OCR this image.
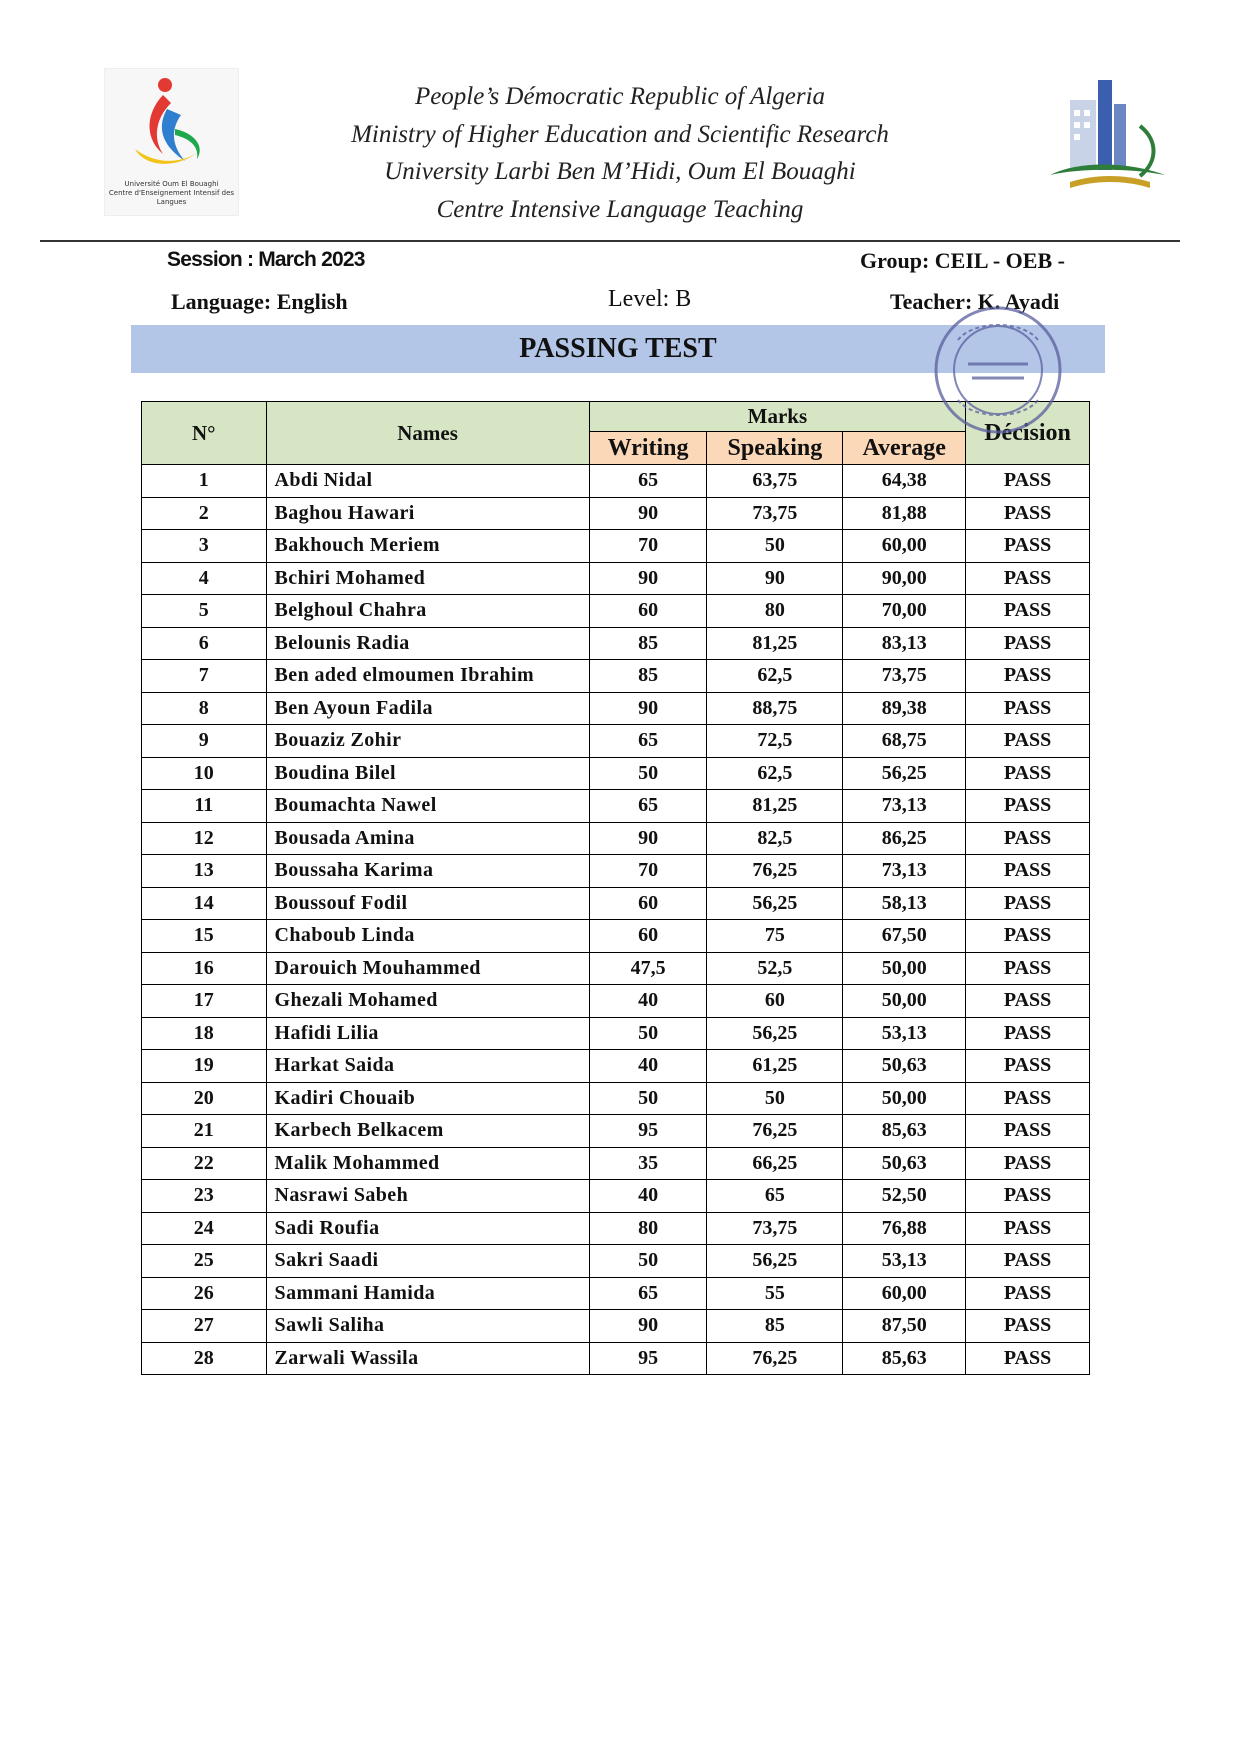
Université Oum El Bouaghi
Centre d'Enseignement Intensif des Langues
People’s Démocratic Republic of Algeria
Ministry of Higher Education and Scientific Research
University Larbi Ben M’Hidi, Oum El Bouaghi
Centre Intensive Language Teaching
Session : March 2023	Group: CEIL - OEB -
Language: English	Level: B	Teacher: K. Ayadi
PASSING TEST
N°	Names	Marks			Décision
		Writing	Speaking	Average	
1	Abdi Nidal	65	63,75	64,38	PASS
2	Baghou Hawari	90	73,75	81,88	PASS
3	Bakhouch Meriem	70	50	60,00	PASS
4	Bchiri Mohamed	90	90	90,00	PASS
5	Belghoul Chahra	60	80	70,00	PASS
6	Belounis Radia	85	81,25	83,13	PASS
7	Ben aded elmoumen Ibrahim	85	62,5	73,75	PASS
8	Ben Ayoun Fadila	90	88,75	89,38	PASS
9	Bouaziz Zohir	65	72,5	68,75	PASS
10	Boudina Bilel	50	62,5	56,25	PASS
11	Boumachta Nawel	65	81,25	73,13	PASS
12	Bousada Amina	90	82,5	86,25	PASS
13	Boussaha Karima	70	76,25	73,13	PASS
14	Boussouf Fodil	60	56,25	58,13	PASS
15	Chaboub Linda	60	75	67,50	PASS
16	Darouich Mouhammed	47,5	52,5	50,00	PASS
17	Ghezali Mohamed	40	60	50,00	PASS
18	Hafidi Lilia	50	56,25	53,13	PASS
19	Harkat Saida	40	61,25	50,63	PASS
20	Kadiri Chouaib	50	50	50,00	PASS
21	Karbech Belkacem	95	76,25	85,63	PASS
22	Malik Mohammed	35	66,25	50,63	PASS
23	Nasrawi Sabeh	40	65	52,50	PASS
24	Sadi Roufia	80	73,75	76,88	PASS
25	Sakri Saadi	50	56,25	53,13	PASS
26	Sammani Hamida	65	55	60,00	PASS
27	Sawli Saliha	90	85	87,50	PASS
28	Zarwali Wassila	95	76,25	85,63	PASS
